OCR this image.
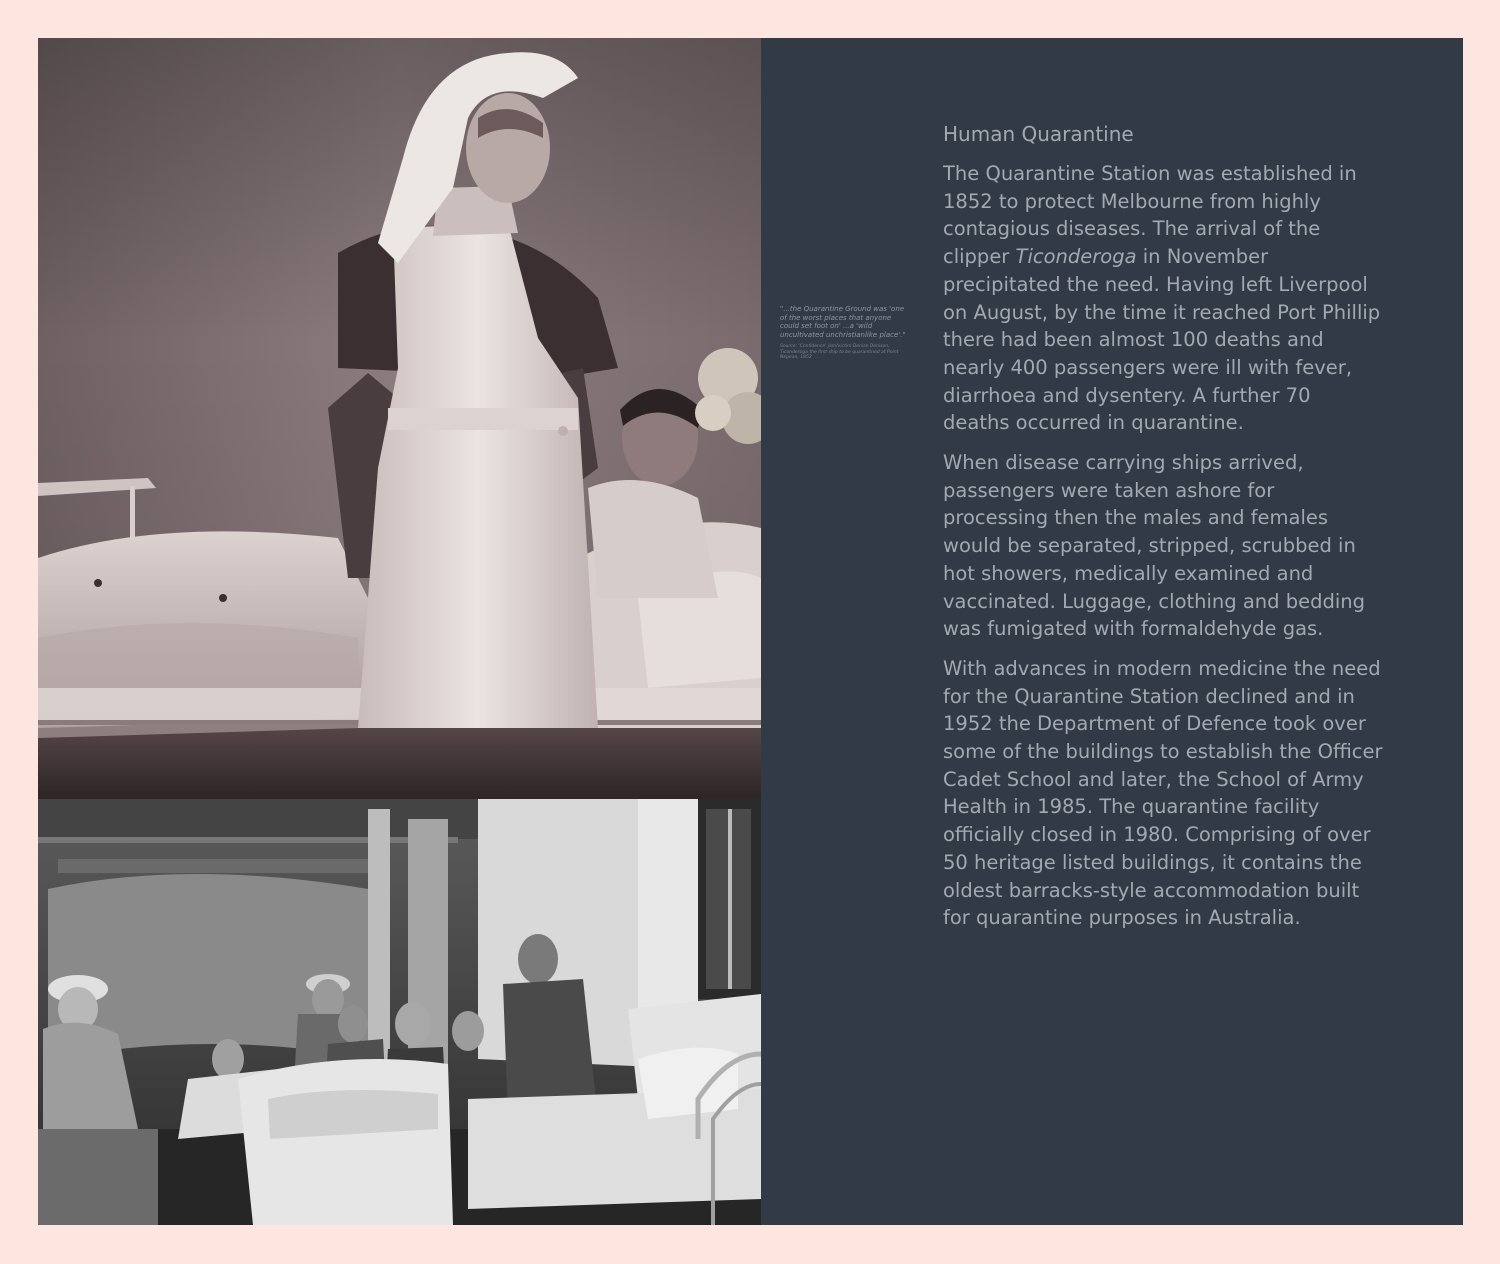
"...the Quarantine Ground was 'one of the worst places that anyone could set foot on' ...a 'wild uncultivated unchristianlike place'."
Source: 'Confidence' jam/victim Denise Denison, Ticonderoga the first ship to be quarantined at Point Nepean, 1852
Human Quarantine

The Quarantine Station was established in 1852 to protect Melbourne from highly contagious diseases. The arrival of the clipper Ticonderoga in November precipitated the need. Having left Liverpool on August, by the time it reached Port Phillip there had been almost 100 deaths and nearly 400 passengers were ill with fever, diarrhoea and dysentery. A further 70 deaths occurred in quarantine.

When disease carrying ships arrived, passengers were taken ashore for processing then the males and females would be separated, stripped, scrubbed in hot showers, medically examined and vaccinated. Luggage, clothing and bedding was fumigated with formaldehyde gas.

With advances in modern medicine the need for the Quarantine Station declined and in 1952 the Department of Defence took over some of the buildings to establish the Officer Cadet School and later, the School of Army Health in 1985. The quarantine facility officially closed in 1980. Comprising of over 50 heritage listed buildings, it contains the oldest barracks-style accommodation built for quarantine purposes in Australia.
